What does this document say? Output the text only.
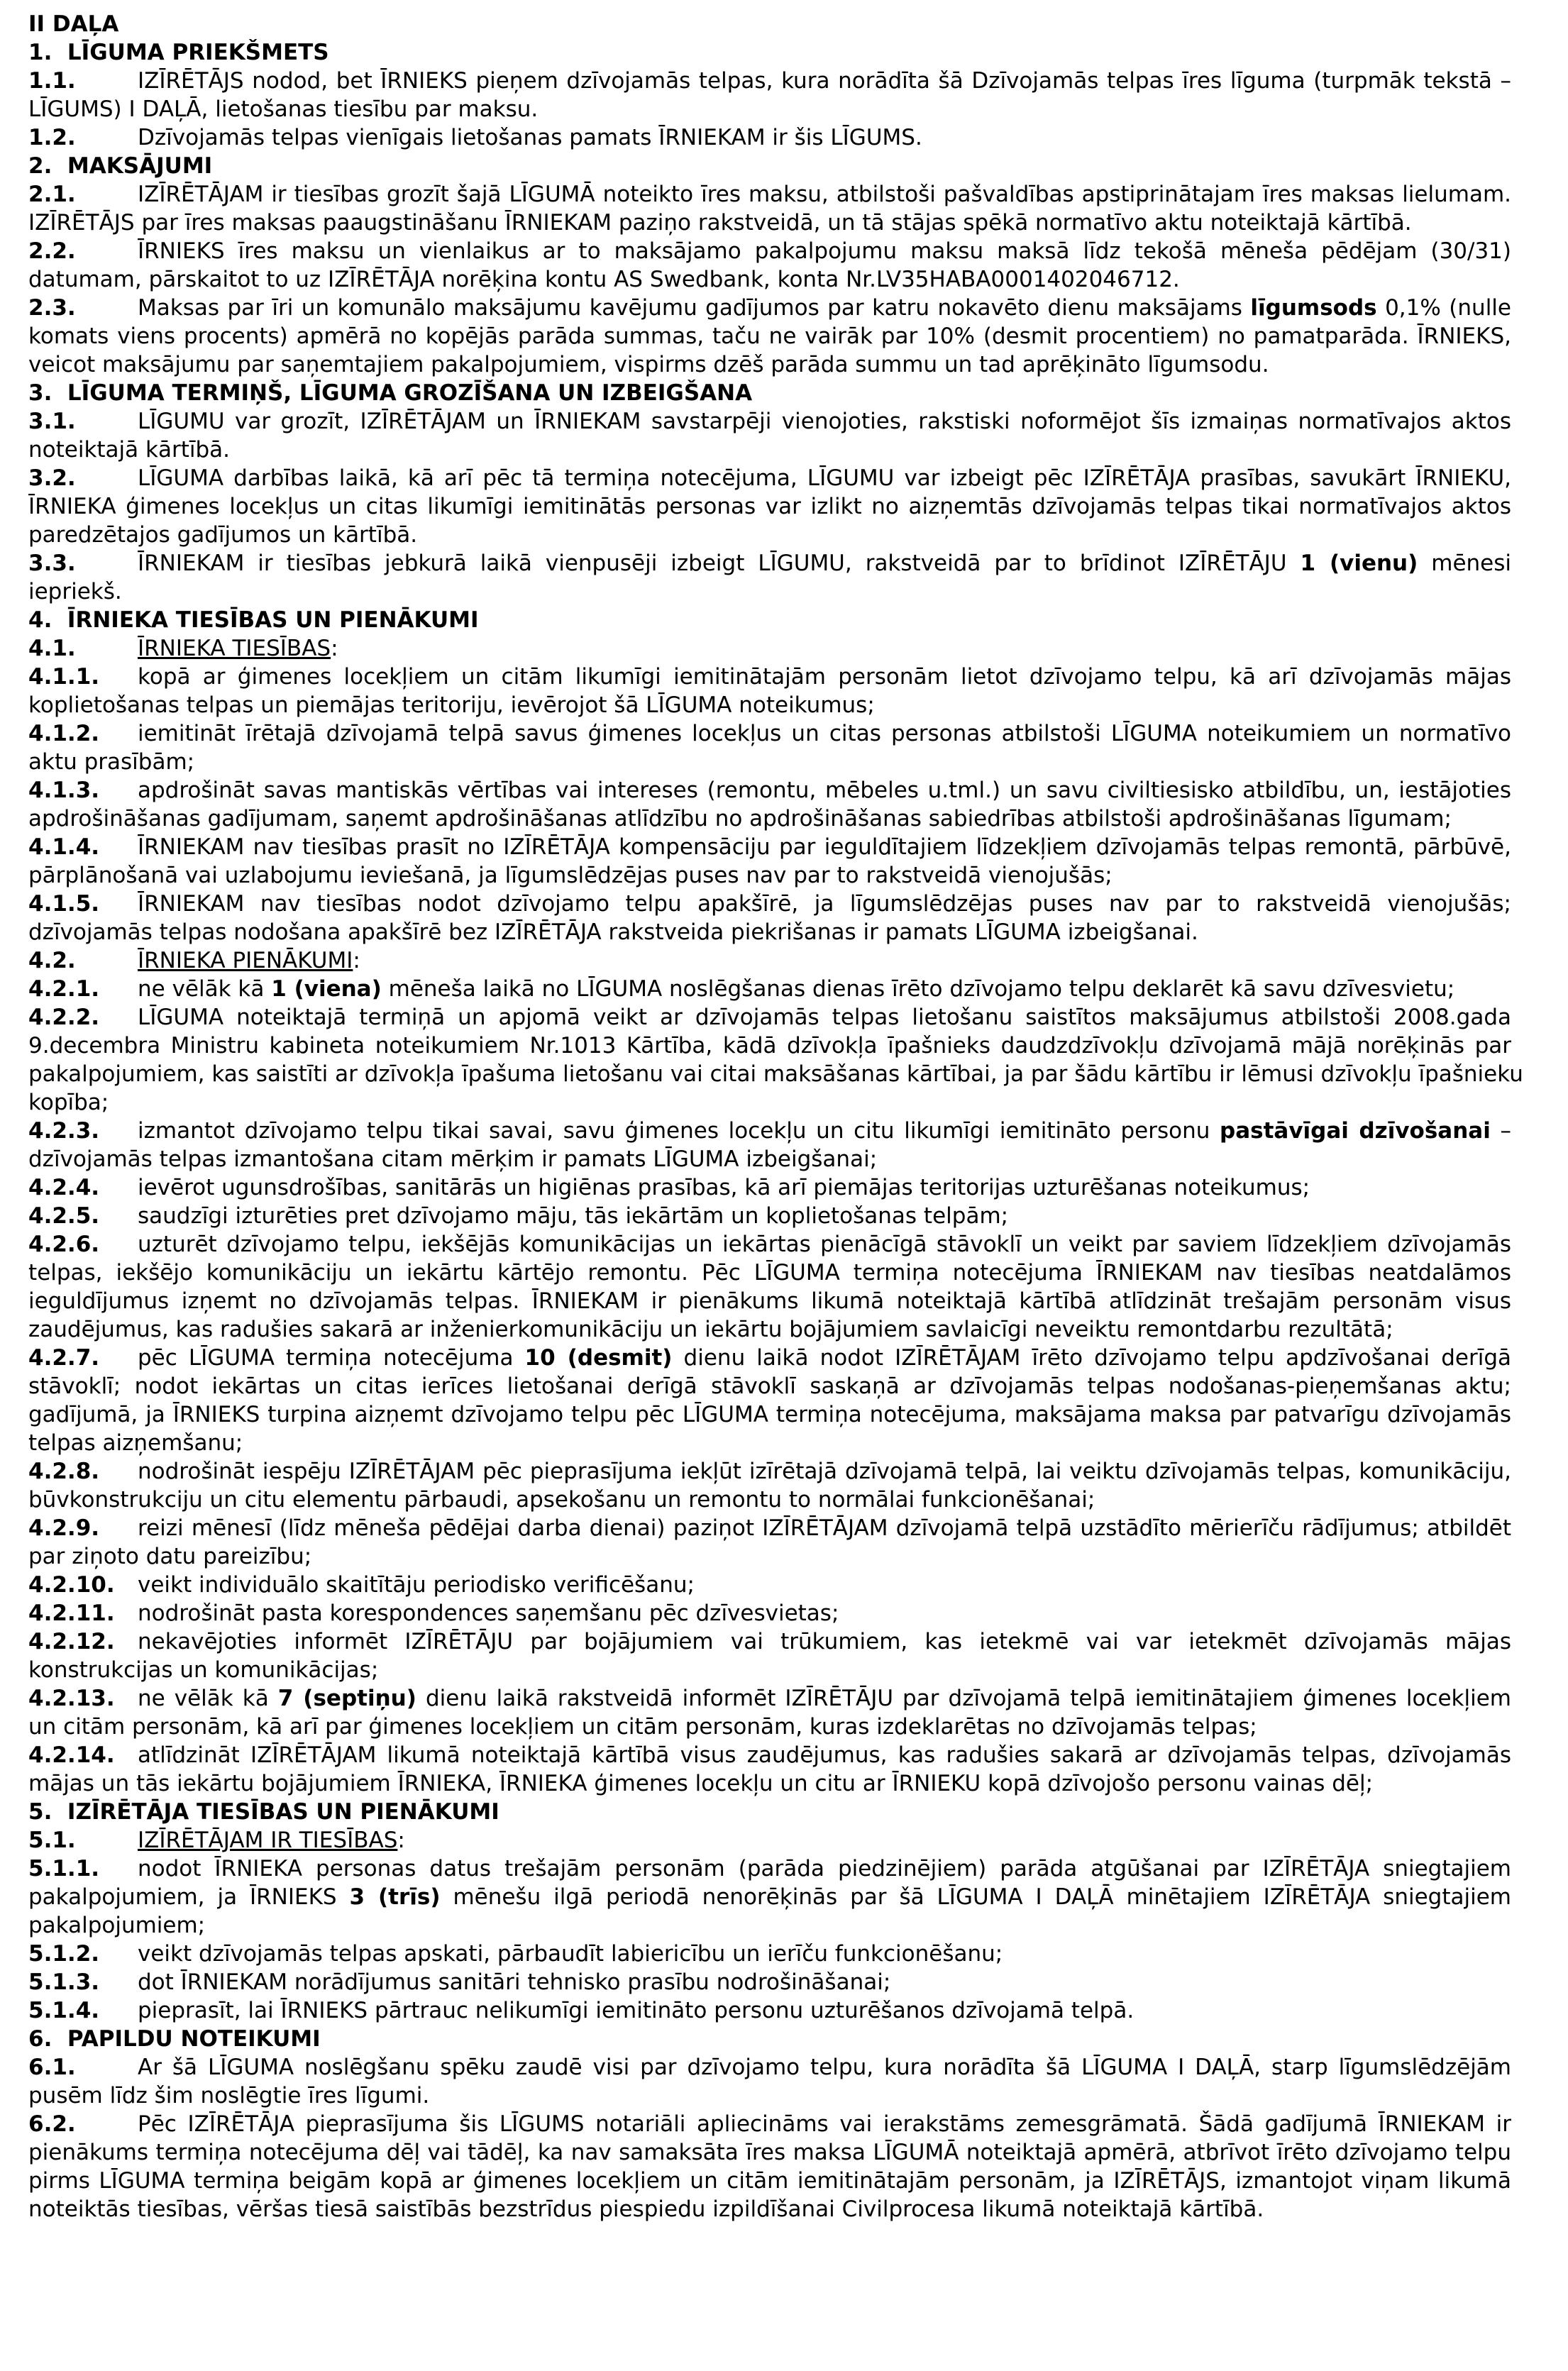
II DAĻA
1.  LĪGUMA PRIEKŠMETS
1.1.	IZĪRĒTĀJS nodod, bet ĪRNIEKS pieņem dzīvojamās telpas, kura norādīta šā Dzīvojamās telpas īres līguma (turpmāk tekstā –
LĪGUMS) I DAĻĀ, lietošanas tiesību par maksu.
1.2.	Dzīvojamās telpas vienīgais lietošanas pamats ĪRNIEKAM ir šis LĪGUMS.
2.  MAKSĀJUMI
2.1.	IZĪRĒTĀJAM ir tiesības grozīt šajā LĪGUMĀ noteikto īres maksu, atbilstoši pašvaldības apstiprinātajam īres maksas lielumam.
IZĪRĒTĀJS par īres maksas paaugstināšanu ĪRNIEKAM paziņo rakstveidā, un tā stājas spēkā normatīvo aktu noteiktajā kārtībā.
2.2.	ĪRNIEKS īres maksu un vienlaikus ar to maksājamo pakalpojumu maksu maksā līdz tekošā mēneša pēdējam (30/31)
datumam, pārskaitot to uz IZĪRĒTĀJA norēķina kontu AS Swedbank, konta Nr.LV35HABA0001402046712.
2.3.	Maksas par īri un komunālo maksājumu kavējumu gadījumos par katru nokavēto dienu maksājams līgumsods 0,1% (nulle
komats viens procents) apmērā no kopējās parāda summas, taču ne vairāk par 10% (desmit procentiem) no pamatparāda. ĪRNIEKS,
veicot maksājumu par saņemtajiem pakalpojumiem, vispirms dzēš parāda summu un tad aprēķināto līgumsodu.
3.  LĪGUMA TERMIŅŠ, LĪGUMA GROZĪŠANA UN IZBEIGŠANA
3.1.	LĪGUMU var grozīt, IZĪRĒTĀJAM un ĪRNIEKAM savstarpēji vienojoties, rakstiski noformējot šīs izmaiņas normatīvajos aktos
noteiktajā kārtībā.
3.2.	LĪGUMA darbības laikā, kā arī pēc tā termiņa notecējuma, LĪGUMU var izbeigt pēc IZĪRĒTĀJA prasības, savukārt ĪRNIEKU,
ĪRNIEKA ģimenes locekļus un citas likumīgi iemitinātās personas var izlikt no aizņemtās dzīvojamās telpas tikai normatīvajos aktos
paredzētajos gadījumos un kārtībā.
3.3.	ĪRNIEKAM ir tiesības jebkurā laikā vienpusēji izbeigt LĪGUMU, rakstveidā par to brīdinot IZĪRĒTĀJU 1 (vienu) mēnesi
iepriekš.
4.  ĪRNIEKA TIESĪBAS UN PIENĀKUMI
4.1.	ĪRNIEKA TIESĪBAS:
4.1.1. kopā ar ģimenes locekļiem un citām likumīgi iemitinātajām personām lietot dzīvojamo telpu, kā arī dzīvojamās mājas
koplietošanas telpas un piemājas teritoriju, ievērojot šā LĪGUMA noteikumus;
4.1.2. iemitināt īrētajā dzīvojamā telpā savus ģimenes locekļus un citas personas atbilstoši LĪGUMA noteikumiem un normatīvo
aktu prasībām;
4.1.3. apdrošināt savas mantiskās vērtības vai intereses (remontu, mēbeles u.tml.) un savu civiltiesisko atbildību, un, iestājoties
apdrošināšanas gadījumam, saņemt apdrošināšanas atlīdzību no apdrošināšanas sabiedrības atbilstoši apdrošināšanas līgumam;
4.1.4. ĪRNIEKAM nav tiesības prasīt no IZĪRĒTĀJA kompensāciju par ieguldītajiem līdzekļiem dzīvojamās telpas remontā, pārbūvē,
pārplānošanā vai uzlabojumu ieviešanā, ja līgumslēdzējas puses nav par to rakstveidā vienojušās;
4.1.5. ĪRNIEKAM nav tiesības nodot dzīvojamo telpu apakšīrē, ja līgumslēdzējas puses nav par to rakstveidā vienojušās;
dzīvojamās telpas nodošana apakšīrē bez IZĪRĒTĀJA rakstveida piekrišanas ir pamats LĪGUMA izbeigšanai.
4.2.	ĪRNIEKA PIENĀKUMI:
4.2.1. ne vēlāk kā 1 (viena) mēneša laikā no LĪGUMA noslēgšanas dienas īrēto dzīvojamo telpu deklarēt kā savu dzīvesvietu;
4.2.2. LĪGUMA noteiktajā termiņā un apjomā veikt ar dzīvojamās telpas lietošanu saistītos maksājumus atbilstoši 2008.gada
9.decembra Ministru kabineta noteikumiem Nr.1013 Kārtība, kādā dzīvokļa īpašnieks daudzdzīvokļu dzīvojamā mājā norēķinās par
pakalpojumiem, kas saistīti ar dzīvokļa īpašuma lietošanu vai citai maksāšanas kārtībai, ja par šādu kārtību ir lēmusi dzīvokļu īpašnieku
kopība;
4.2.3. izmantot dzīvojamo telpu tikai savai, savu ģimenes locekļu un citu likumīgi iemitināto personu pastāvīgai dzīvošanai –
dzīvojamās telpas izmantošana citam mērķim ir pamats LĪGUMA izbeigšanai;
4.2.4. ievērot ugunsdrošības, sanitārās un higiēnas prasības, kā arī piemājas teritorijas uzturēšanas noteikumus;
4.2.5. saudzīgi izturēties pret dzīvojamo māju, tās iekārtām un koplietošanas telpām;
4.2.6. uzturēt dzīvojamo telpu, iekšējās komunikācijas un iekārtas pienācīgā stāvoklī un veikt par saviem līdzekļiem dzīvojamās
telpas, iekšējo komunikāciju un iekārtu kārtējo remontu. Pēc LĪGUMA termiņa notecējuma ĪRNIEKAM nav tiesības neatdalāmos
ieguldījumus izņemt no dzīvojamās telpas. ĪRNIEKAM ir pienākums likumā noteiktajā kārtībā atlīdzināt trešajām personām visus
zaudējumus, kas radušies sakarā ar inženierkomunikāciju un iekārtu bojājumiem savlaicīgi neveiktu remontdarbu rezultātā;
4.2.7. pēc LĪGUMA termiņa notecējuma 10 (desmit) dienu laikā nodot IZĪRĒTĀJAM īrēto dzīvojamo telpu apdzīvošanai derīgā
stāvoklī; nodot iekārtas un citas ierīces lietošanai derīgā stāvoklī saskaņā ar dzīvojamās telpas nodošanas-pieņemšanas aktu;
gadījumā, ja ĪRNIEKS turpina aizņemt dzīvojamo telpu pēc LĪGUMA termiņa notecējuma, maksājama maksa par patvarīgu dzīvojamās
telpas aizņemšanu;
4.2.8. nodrošināt iespēju IZĪRĒTĀJAM pēc pieprasījuma iekļūt izīrētajā dzīvojamā telpā, lai veiktu dzīvojamās telpas, komunikāciju,
būvkonstrukciju un citu elementu pārbaudi, apsekošanu un remontu to normālai funkcionēšanai;
4.2.9. reizi mēnesī (līdz mēneša pēdējai darba dienai) paziņot IZĪRĒTĀJAM dzīvojamā telpā uzstādīto mērierīču rādījumus; atbildēt
par ziņoto datu pareizību;
4.2.10. veikt individuālo skaitītāju periodisko verificēšanu;
4.2.11. nodrošināt pasta korespondences saņemšanu pēc dzīvesvietas;
4.2.12. nekavējoties informēt IZĪRĒTĀJU par bojājumiem vai trūkumiem, kas ietekmē vai var ietekmēt dzīvojamās mājas
konstrukcijas un komunikācijas;
4.2.13. ne vēlāk kā 7 (septiņu) dienu laikā rakstveidā informēt IZĪRĒTĀJU par dzīvojamā telpā iemitinātajiem ģimenes locekļiem
un citām personām, kā arī par ģimenes locekļiem un citām personām, kuras izdeklarētas no dzīvojamās telpas;
4.2.14. atlīdzināt IZĪRĒTĀJAM likumā noteiktajā kārtībā visus zaudējumus, kas radušies sakarā ar dzīvojamās telpas, dzīvojamās
mājas un tās iekārtu bojājumiem ĪRNIEKA, ĪRNIEKA ģimenes locekļu un citu ar ĪRNIEKU kopā dzīvojošo personu vainas dēļ;
5.  IZĪRĒTĀJA TIESĪBAS UN PIENĀKUMI
5.1.	IZĪRĒTĀJAM IR TIESĪBAS:
5.1.1. nodot ĪRNIEKA personas datus trešajām personām (parāda piedzinējiem) parāda atgūšanai par IZĪRĒTĀJA sniegtajiem
pakalpojumiem, ja ĪRNIEKS 3 (trīs) mēnešu ilgā periodā nenorēķinās par šā LĪGUMA I DAĻĀ minētajiem IZĪRĒTĀJA sniegtajiem
pakalpojumiem;
5.1.2. veikt dzīvojamās telpas apskati, pārbaudīt labiericību un ierīču funkcionēšanu;
5.1.3. dot ĪRNIEKAM norādījumus sanitāri tehnisko prasību nodrošināšanai;
5.1.4. pieprasīt, lai ĪRNIEKS pārtrauc nelikumīgi iemitināto personu uzturēšanos dzīvojamā telpā.
6.  PAPILDU NOTEIKUMI
6.1.	Ar šā LĪGUMA noslēgšanu spēku zaudē visi par dzīvojamo telpu, kura norādīta šā LĪGUMA I DAĻĀ, starp līgumslēdzējām
pusēm līdz šim noslēgtie īres līgumi.
6.2.	Pēc IZĪRĒTĀJA pieprasījuma šis LĪGUMS notariāli apliecināms vai ierakstāms zemesgrāmatā. Šādā gadījumā ĪRNIEKAM ir
pienākums termiņa notecējuma dēļ vai tādēļ, ka nav samaksāta īres maksa LĪGUMĀ noteiktajā apmērā, atbrīvot īrēto dzīvojamo telpu
pirms LĪGUMA termiņa beigām kopā ar ģimenes locekļiem un citām iemitinātajām personām, ja IZĪRĒTĀJS, izmantojot viņam likumā
noteiktās tiesības, vēršas tiesā saistībās bezstrīdus piespiedu izpildīšanai Civilprocesa likumā noteiktajā kārtībā.
